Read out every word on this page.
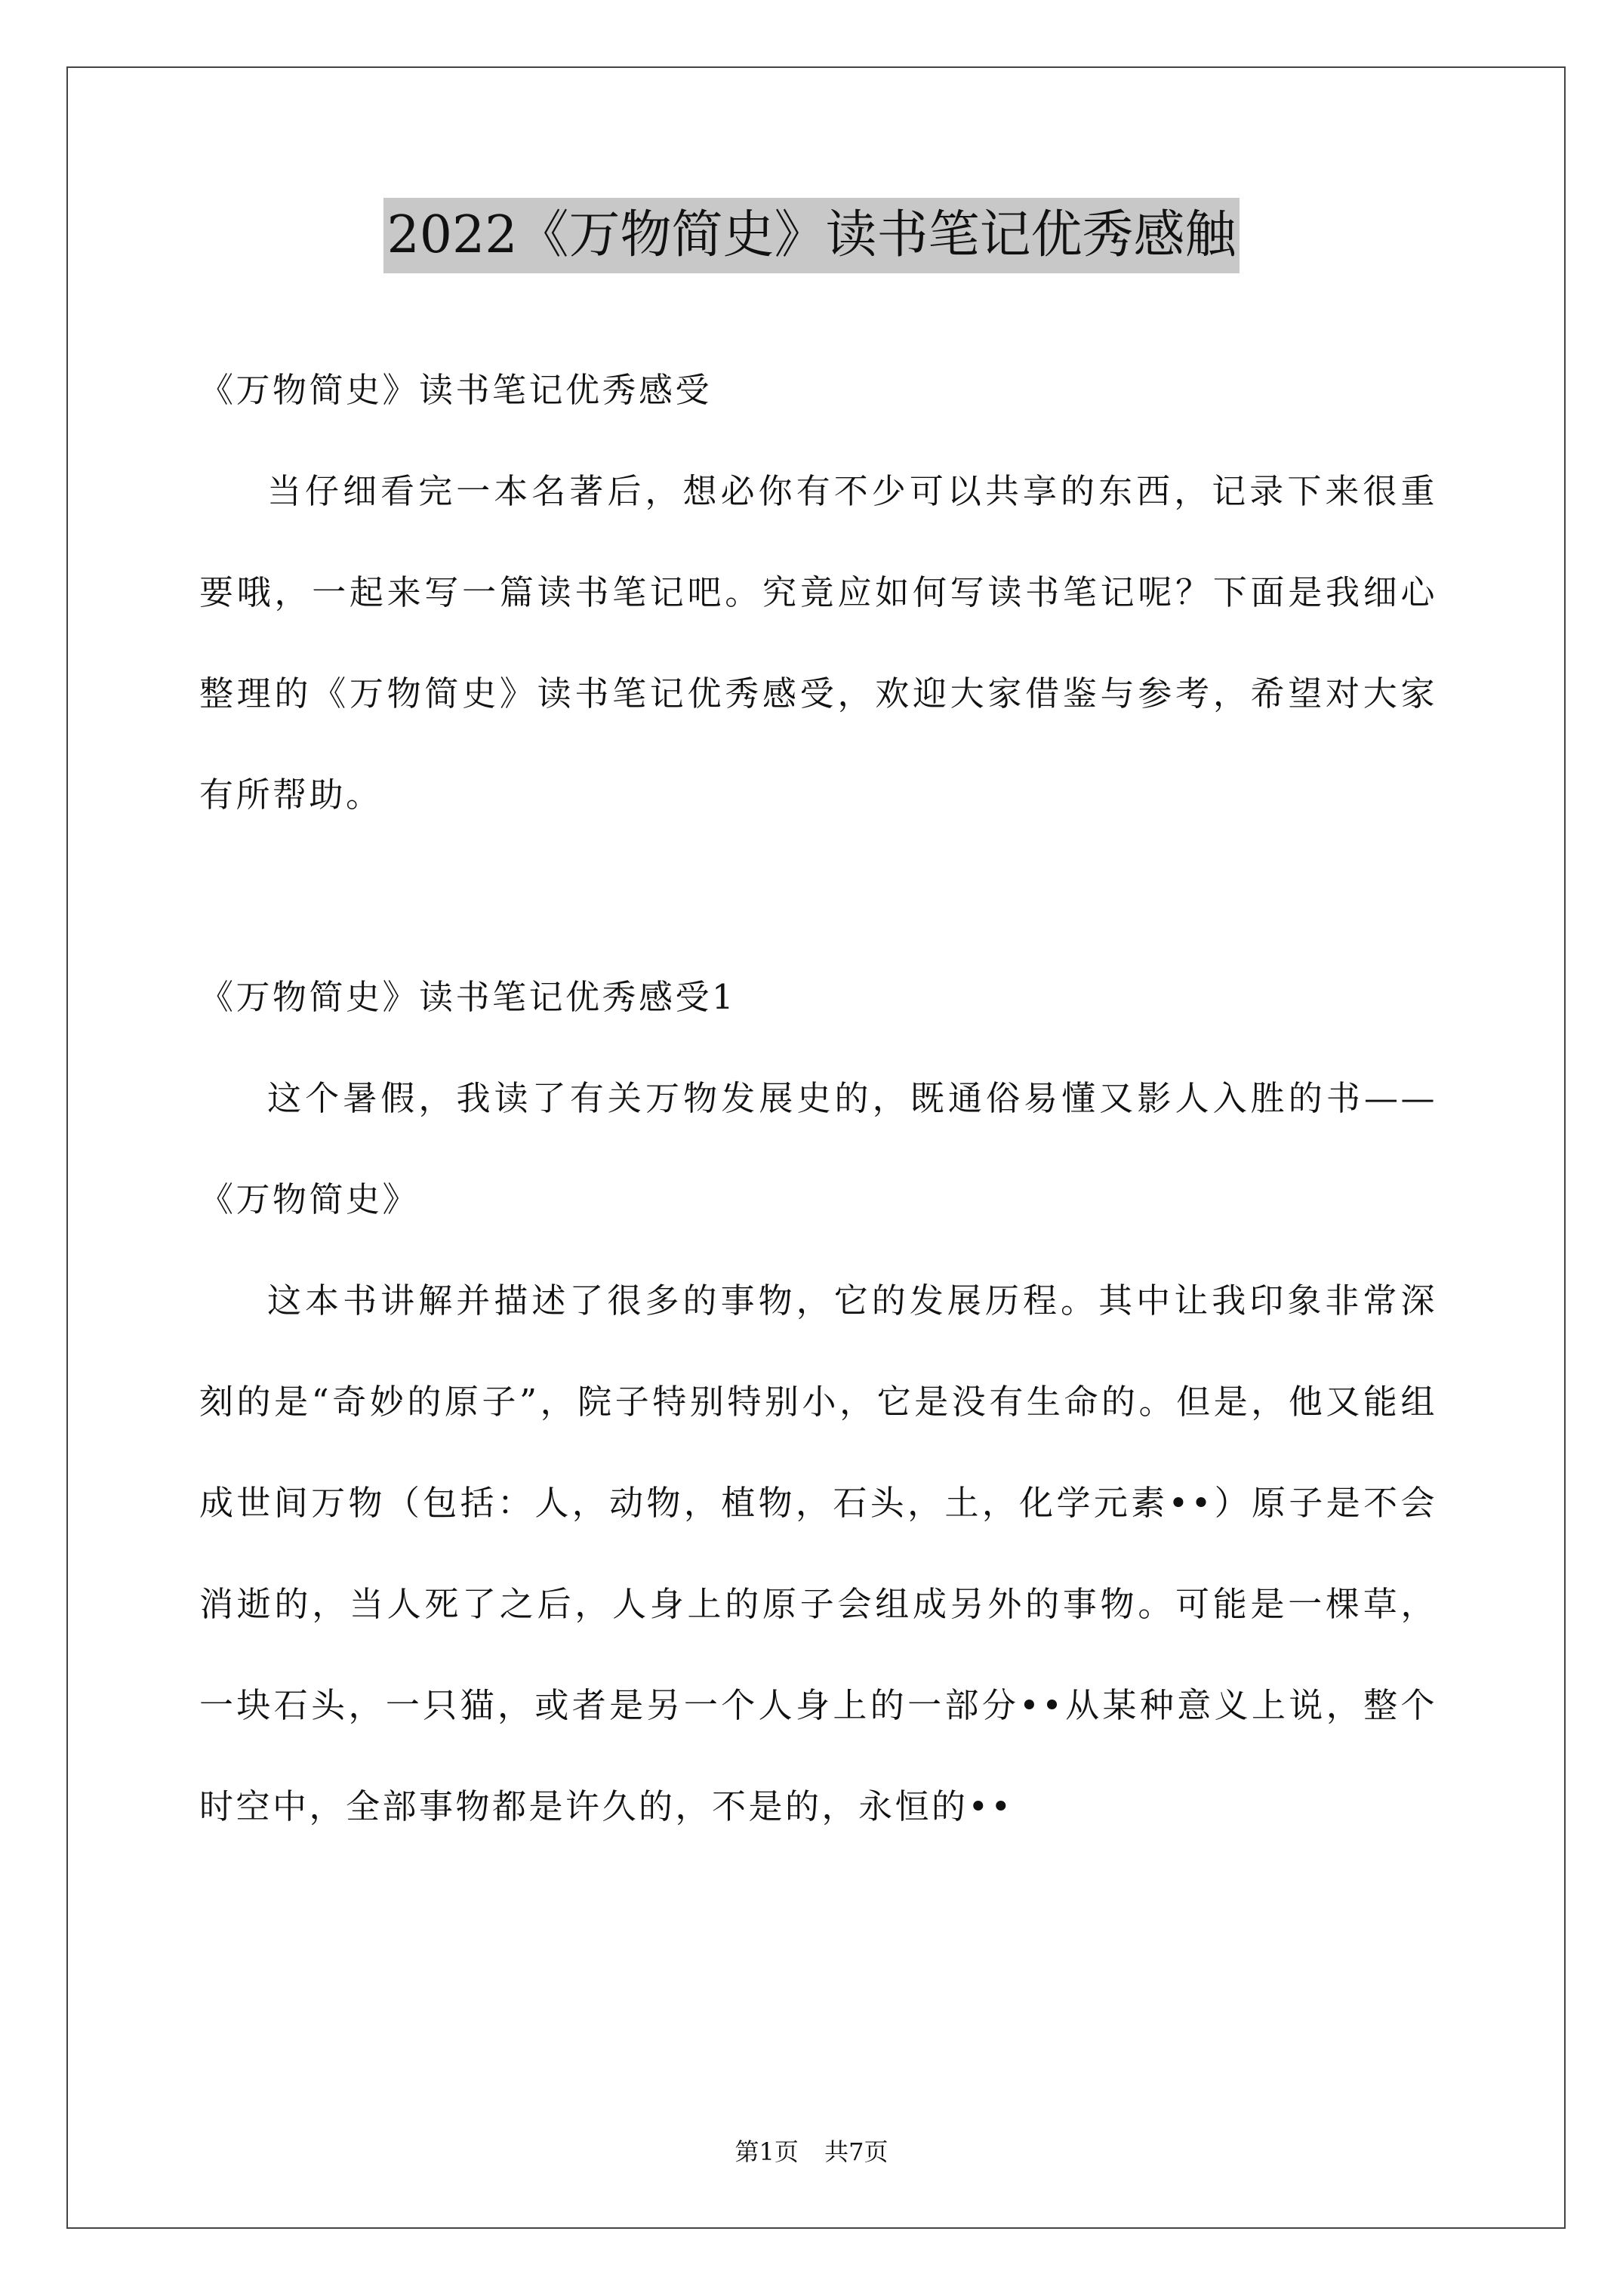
2022《万物简史》读书笔记优秀感触

《万物简史》读书笔记优秀感受

当仔细看完一本名著后，想必你有不少可以共享的东西，记录下来很重要哦，一起来写一篇读书笔记吧。究竟应如何写读书笔记呢？下面是我细心整理的《万物简史》读书笔记优秀感受，欢迎大家借鉴与参考，希望对大家有所帮助。

《万物简史》读书笔记优秀感受1

这个暑假，我读了有关万物发展史的，既通俗易懂又影人入胜的书——《万物简史》

这本书讲解并描述了很多的事物，它的发展历程。其中让我印象非常深刻的是“奇妙的原子”，院子特别特别小，它是没有生命的。但是，他又能组成世间万物（包括：人，动物，植物，石头，土，化学元素••）原子是不会消逝的，当人死了之后，人身上的原子会组成另外的事物。可能是一棵草，一块石头，一只猫，或者是另一个人身上的一部分••从某种意义上说，整个时空中，全部事物都是许久的，不是的，永恒的••

第1页 共7页
